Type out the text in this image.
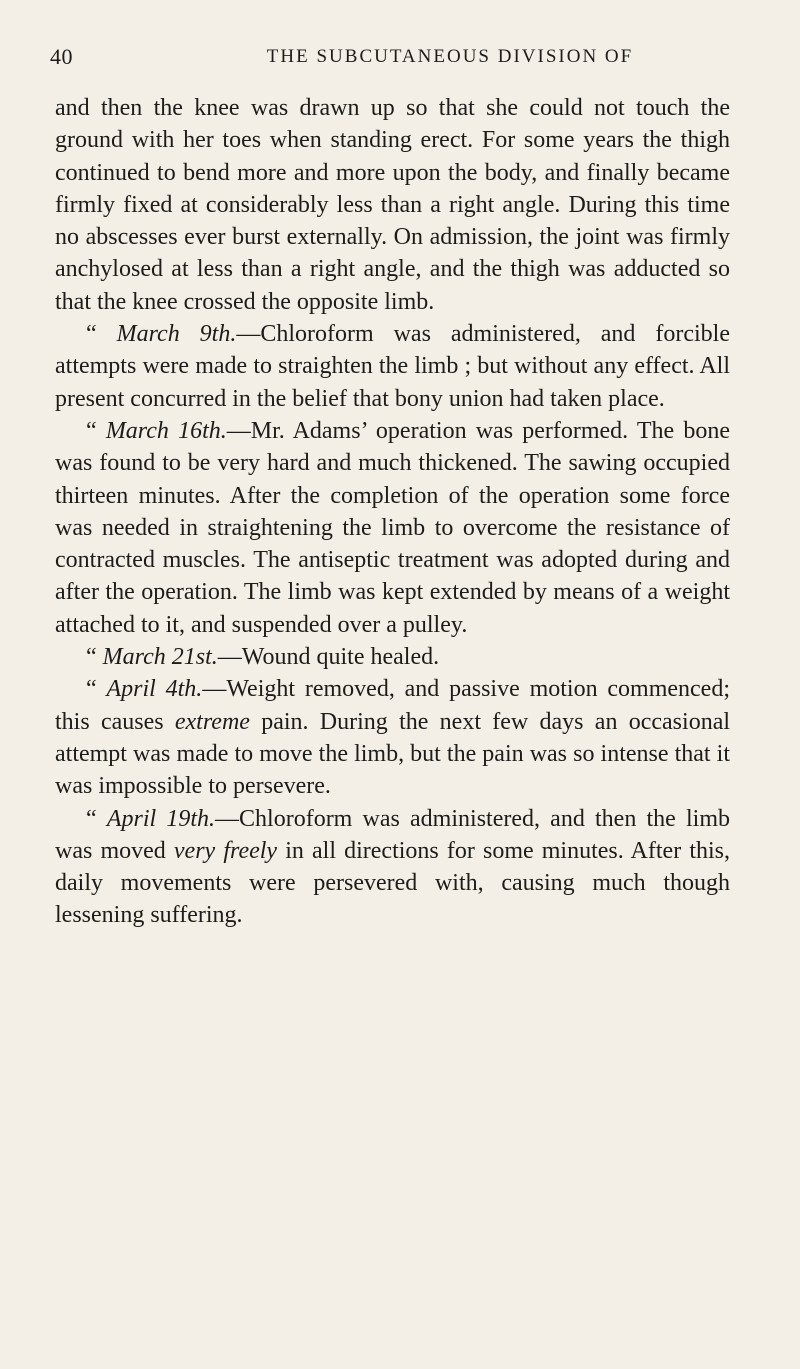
40	THE SUBCUTANEOUS DIVISION OF

and then the knee was drawn up so that she could not touch the ground with her toes when standing erect. For some years the thigh continued to bend more and more upon the body, and finally became firmly fixed at considerably less than a right angle. During this time no abscesses ever burst externally. On admission, the joint was firmly anchylosed at less than a right angle, and the thigh was adducted so that the knee crossed the opposite limb.

“ March 9th.—Chloroform was administered, and forcible attempts were made to straighten the limb ; but without any effect. All present concurred in the belief that bony union had taken place.

“ March 16th.—Mr. Adams’ operation was performed. The bone was found to be very hard and much thickened. The sawing occupied thirteen minutes. After the completion of the operation some force was needed in straightening the limb to overcome the resistance of contracted muscles. The antiseptic treatment was adopted during and after the operation. The limb was kept extended by means of a weight attached to it, and suspended over a pulley.

“ March 21st.—Wound quite healed.

“ April 4th.—Weight removed, and passive motion commenced; this causes extreme pain. During the next few days an occasional attempt was made to move the limb, but the pain was so intense that it was impossible to persevere.

“ April 19th.—Chloroform was administered, and then the limb was moved very freely in all directions for some minutes. After this, daily movements were persevered with, causing much though lessening suffering.
